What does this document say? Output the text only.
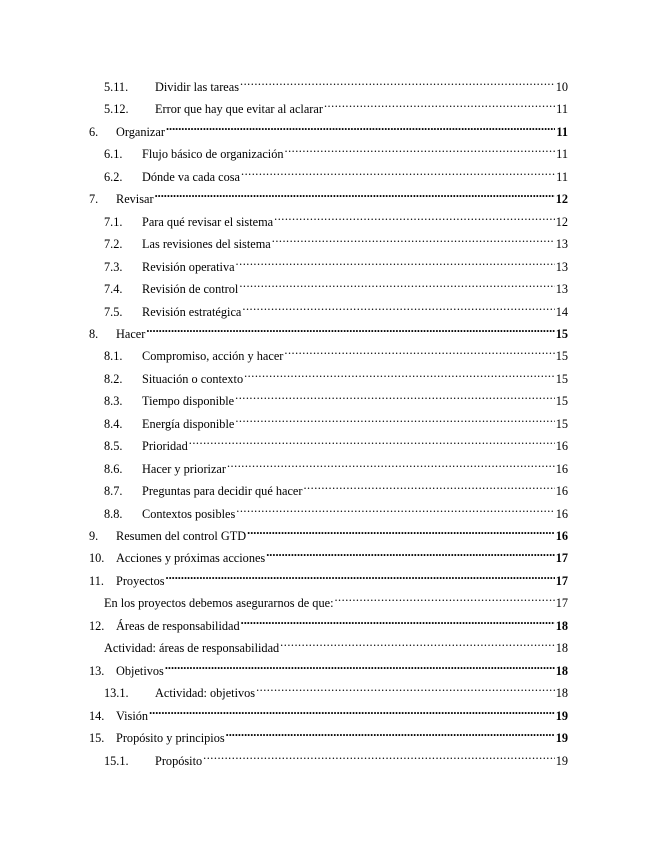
5.11.	Dividir las tareas .....	10
5.12.	Error que hay que evitar al aclarar .....	11
6.	Organizar .....	11
6.1.	Flujo básico de organización .....	11
6.2.	Dónde va cada cosa .....	11
7.	Revisar .....	12
7.1.	Para qué revisar el sistema .....	12
7.2.	Las revisiones del sistema .....	13
7.3.	Revisión operativa .....	13
7.4.	Revisión de control .....	13
7.5.	Revisión estratégica .....	14
8.	Hacer .....	15
8.1.	Compromiso, acción y hacer .....	15
8.2.	Situación o contexto .....	15
8.3.	Tiempo disponible .....	15
8.4.	Energía disponible .....	15
8.5.	Prioridad .....	16
8.6.	Hacer y priorizar .....	16
8.7.	Preguntas para decidir qué hacer .....	16
8.8.	Contextos posibles .....	16
9.	Resumen del control GTD .....	16
10. Acciones y próximas acciones .....	17
11. Proyectos .....	17
En los proyectos debemos asegurarnos de que: .....	17
12. Áreas de responsabilidad .....	18
Actividad: áreas de responsabilidad .....	18
13. Objetivos .....	18
13.1.	Actividad: objetivos .....	18
14. Visión .....	19
15. Propósito y principios .....	19
15.1.	Propósito .....	19
